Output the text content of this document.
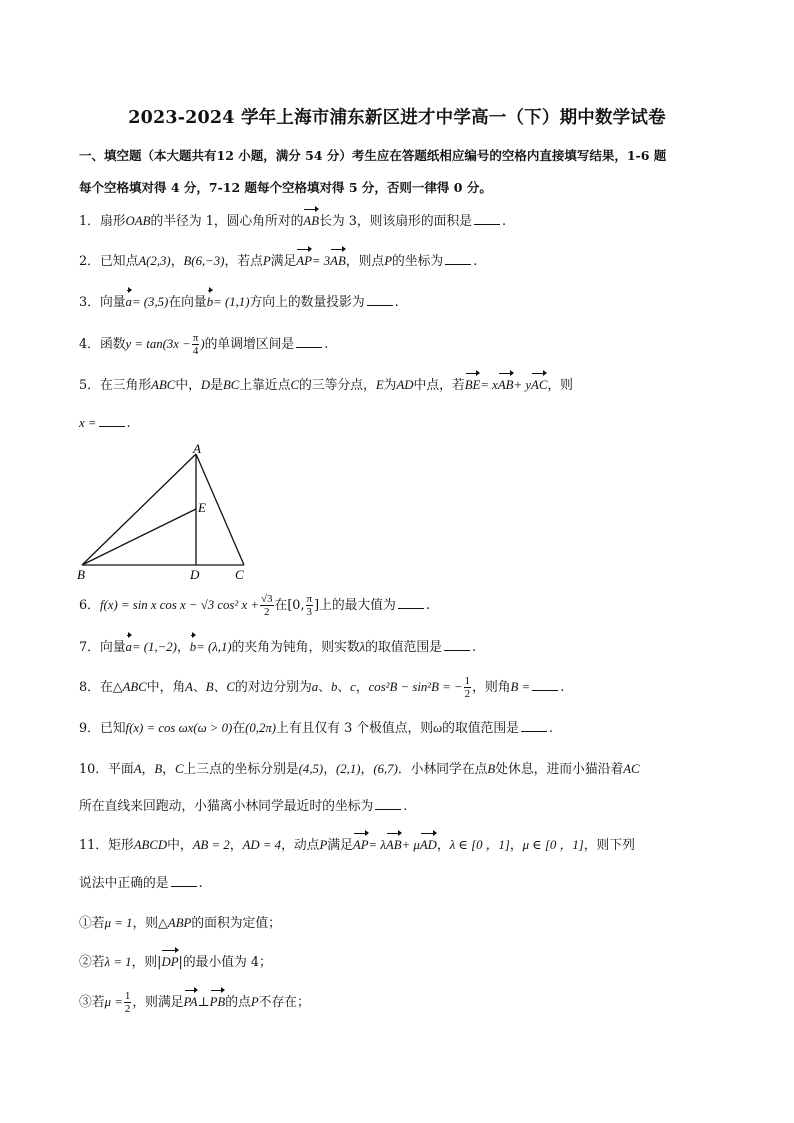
2023-2024 学年上海市浦东新区进才中学高一（下）期中数学试卷
一、填空题（本大题共有12 小题，满分 54 分）考生应在答题纸相应编号的空格内直接填写结果，1-6 题
每个空格填对得 4 分，7-12 题每个空格填对得 5 分，否则一律得 0 分。
1．扇形OAB的半径为 1，圆心角所对的AB长为 3，则该扇形的面积是 .
2．已知点A(2,3)，B(6,−3)，若点P满足AP= 3AB，则点P的坐标为 .
3．向量a= (3,5)在向量b= (1,1)方向上的数量投影为 .
4．函数$y = \tan(3x - \frac{\pi}{4}$ )的单调增区间是 .
5．在三角形ABC中，D是BC上靠近点C的三等分点，E为AD中点，若BE= xAB+ yAC，则
x = .
A
E
B	D	C
6．f(x) = sin x cos x − √3 cos² $x + \frac{√3}{2}$ 在[0, $\frac{\pi}{3}$ ]上的最大值为 .
7．向量a= (1,−2)，b= (λ,1)的夹角为钝角，则实数λ的取值范围是 .
8．在△ABC中，角A、B、C的对边分别为a、b、c，cos²B − sin²B = − $\frac{1}{2}$ ，则角B = .
9．已知f(x) = cos ωx(ω > 0)在(0,2π)上有且仅有 3 个极值点，则ω的取值范围是 .
10．平面A，B，C上三点的坐标分别是(4,5)，(2,1)，(6,7)．小林同学在点B处休息，进而小猫沿着AC
所在直线来回跑动，小猫离小林同学最近时的坐标为 .
11．矩形ABCD中，AB = 2，AD = 4，动点P满足AP= λAB+ μAD，λ ∈ [0 ，1]，μ ∈ [0 ，1]，则下列
说法中正确的是 .
①若μ = 1，则△ABP的面积为定值；
②若λ = 1，则|DP|的最小值为 4；
③若$\mu = \frac{1}{2}$ ，则满足PA⊥PB的点P不存在；
